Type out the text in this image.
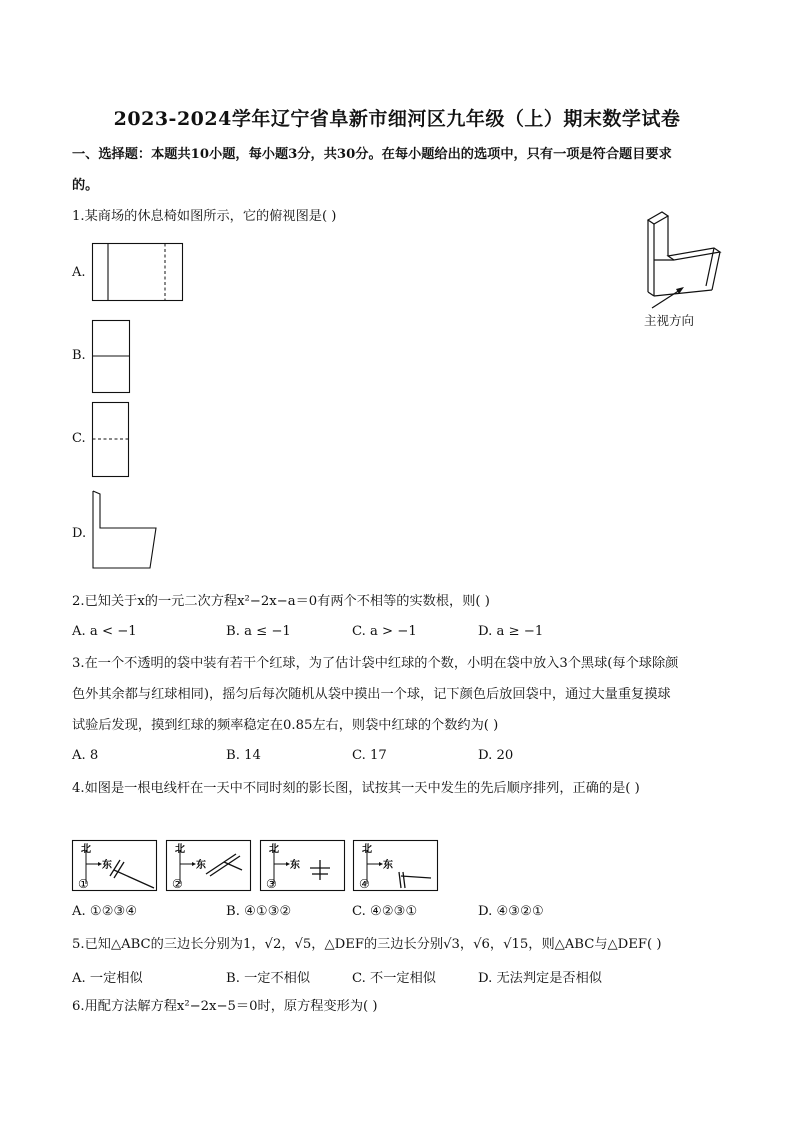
2023-2024学年辽宁省阜新市细河区九年级（上）期末数学试卷
一、选择题：本题共10小题，每小题3分，共30分。在每小题给出的选项中，只有一项是符合题目要求
的。
1.某商场的休息椅如图所示，它的俯视图是( )
主视方向
A.
B.
C.
D.
2.已知关于x的一元二次方程x²−2x−a＝0有两个不相等的实数根，则( )
A. a < −1	B. a ≤ −1	C. a > −1	D. a ≥ −1
3.在一个不透明的袋中装有若干个红球，为了估计袋中红球的个数，小明在袋中放入3个黑球(每个球除颜
色外其余都与红球相同)，摇匀后每次随机从袋中摸出一个球，记下颜色后放回袋中，通过大量重复摸球
试验后发现，摸到红球的频率稳定在0.85左右，则袋中红球的个数约为( )
A. 8	B. 14	C. 17	D. 20
4.如图是一根电线杆在一天中不同时刻的影长图，试按其一天中发生的先后顺序排列，正确的是( )
北
东
①
北
东
②
北
东
③
北
东
④
A. ①②③④	B. ④①③②	C. ④②③①	D. ④③②①
5.已知△ABC的三边长分别为1，√2，√5，△DEF的三边长分别√3，√6，√15，则△ABC与△DEF( )
A. 一定相似	B. 一定不相似	C. 不一定相似	D. 无法判定是否相似
6.用配方法解方程x²−2x−5＝0时，原方程变形为( )
